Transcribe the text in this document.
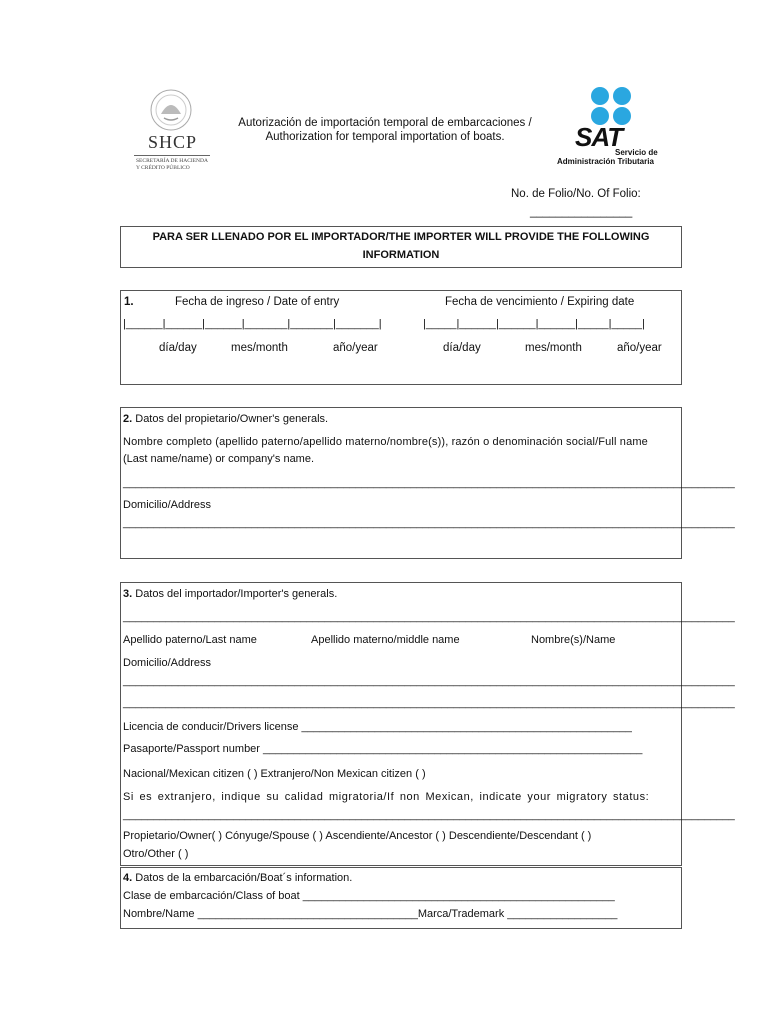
SHCP
SECRETARÍA DE HACIENDA
Y CRÉDITO PÚBLICO
Autorización de importación temporal de embarcaciones /
Authorization for temporal importation of boats.	SAT
Servicio de
Administración Tributaria
No. de Folio/No. Of Folio:
________________
PARA SER LLENADO POR EL IMPORTADOR/THE IMPORTER WILL PROVIDE THE FOLLOWING
INFORMATION
1.	Fecha de ingreso / Date of entry	Fecha de vencimiento / Expiring date
|______|______|______|_______|_______|_______|	|_____|______|______|______|_____|_____|
día/day	mes/month	año/year	día/day	mes/month	año/year
2. Datos del propietario/Owner's generals.
Nombre completo (apellido paterno/apellido materno/nombre(s)), razón o denominación social/Full name
(Last name/name) or company's name.
____________________________________________________________________________________________________
Domicilio/Address
____________________________________________________________________________________________________
3. Datos del importador/Importer's generals.
____________________________________________________________________________________________________
Apellido paterno/Last name	Apellido materno/middle name	Nombre(s)/Name
Domicilio/Address
____________________________________________________________________________________________________
____________________________________________________________________________________________________
Licencia de conducir/Drivers license ______________________________________________________
Pasaporte/Passport number ______________________________________________________________
Nacional/Mexican citizen ( ) Extranjero/Non Mexican citizen ( )
Si es extranjero, indique su calidad migratoria/If non Mexican, indicate your migratory status:
____________________________________________________________________________________________________
Propietario/Owner( ) Cónyuge/Spouse ( ) Ascendiente/Ancestor ( ) Descendiente/Descendant ( )
Otro/Other ( )
4. Datos de la embarcación/Boat´s information.
Clase de embarcación/Class of boat ___________________________________________________
Nombre/Name ____________________________________Marca/Trademark __________________
